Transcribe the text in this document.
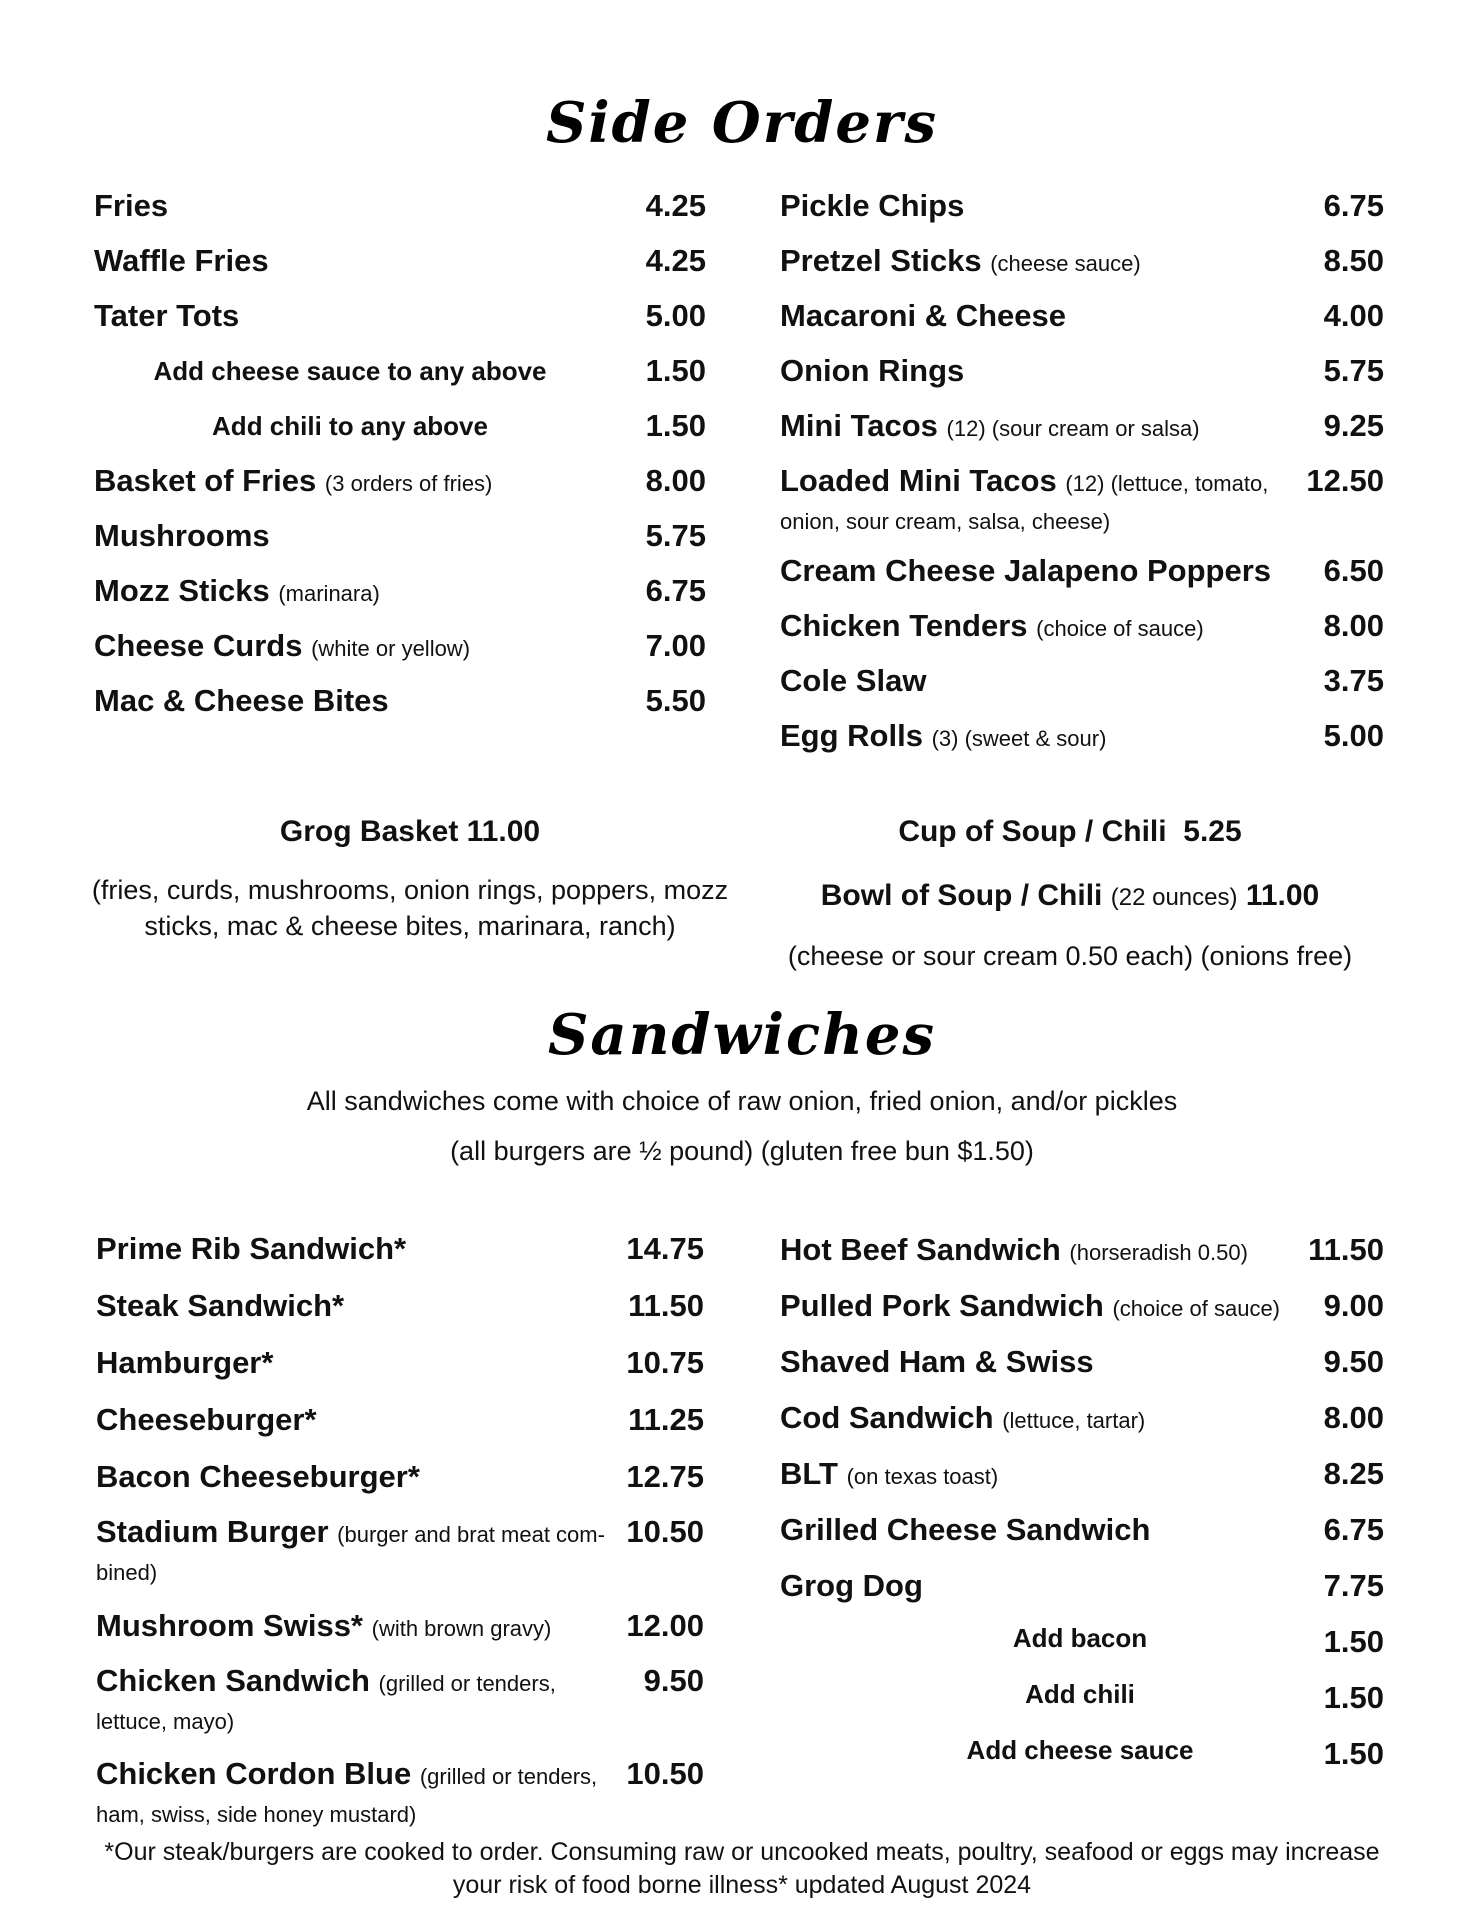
Side Orders
Fries	4.25
Waffle Fries	4.25
Tater Tots	5.00
Add cheese sauce to any above	1.50
Add chili to any above	1.50
Basket of Fries (3 orders of fries)	8.00
Mushrooms	5.75
Mozz Sticks (marinara)	6.75
Cheese Curds (white or yellow)	7.00
Mac & Cheese Bites	5.50
Pickle Chips	6.75
Pretzel Sticks (cheese sauce)	8.50
Macaroni & Cheese	4.00
Onion Rings	5.75
Mini Tacos (12) (sour cream or salsa)	9.25
Loaded Mini Tacos (12) (lettuce, tomato,
onion, sour cream, salsa, cheese)
12.50
Cream Cheese Jalapeno Poppers 6.50
Chicken Tenders (choice of sauce)	8.00
Cole Slaw	3.75
Egg Rolls (3) (sweet & sour)	5.00
Grog Basket 11.00
(fries, curds, mushrooms, onion rings, poppers, mozz
sticks, mac & cheese bites, marinara, ranch)
Cup of Soup / Chili  5.25
Bowl of Soup / Chili (22 ounces) 11.00
(cheese or sour cream 0.50 each) (onions free)
Sandwiches
All sandwiches come with choice of raw onion, fried onion, and/or pickles
(all burgers are ½ pound) (gluten free bun $1.50)
Prime Rib Sandwich*	14.75
Steak Sandwich*	11.50
Hamburger*	10.75
Cheeseburger*	11.25
Bacon Cheeseburger*	12.75
Stadium Burger (burger and brat meat com-
bined)
10.50
Mushroom Swiss* (with brown gravy) 12.00
Chicken Sandwich (grilled or tenders,
lettuce, mayo)
9.50
Chicken Cordon Blue (grilled or tenders,
ham, swiss, side honey mustard)
10.50
Hot Beef Sandwich (horseradish 0.50) 11.50
Pulled Pork Sandwich (choice of sauce) 9.00
Shaved Ham & Swiss	9.50
Cod Sandwich (lettuce, tartar)	8.00
BLT (on texas toast)	8.25
Grilled Cheese Sandwich	6.75
Grog Dog	7.75
Add bacon	1.50
Add chili	1.50
Add cheese sauce	1.50
*Our steak/burgers are cooked to order. Consuming raw or uncooked meats, poultry, seafood or eggs may increase
your risk of food borne illness* updated August 2024
